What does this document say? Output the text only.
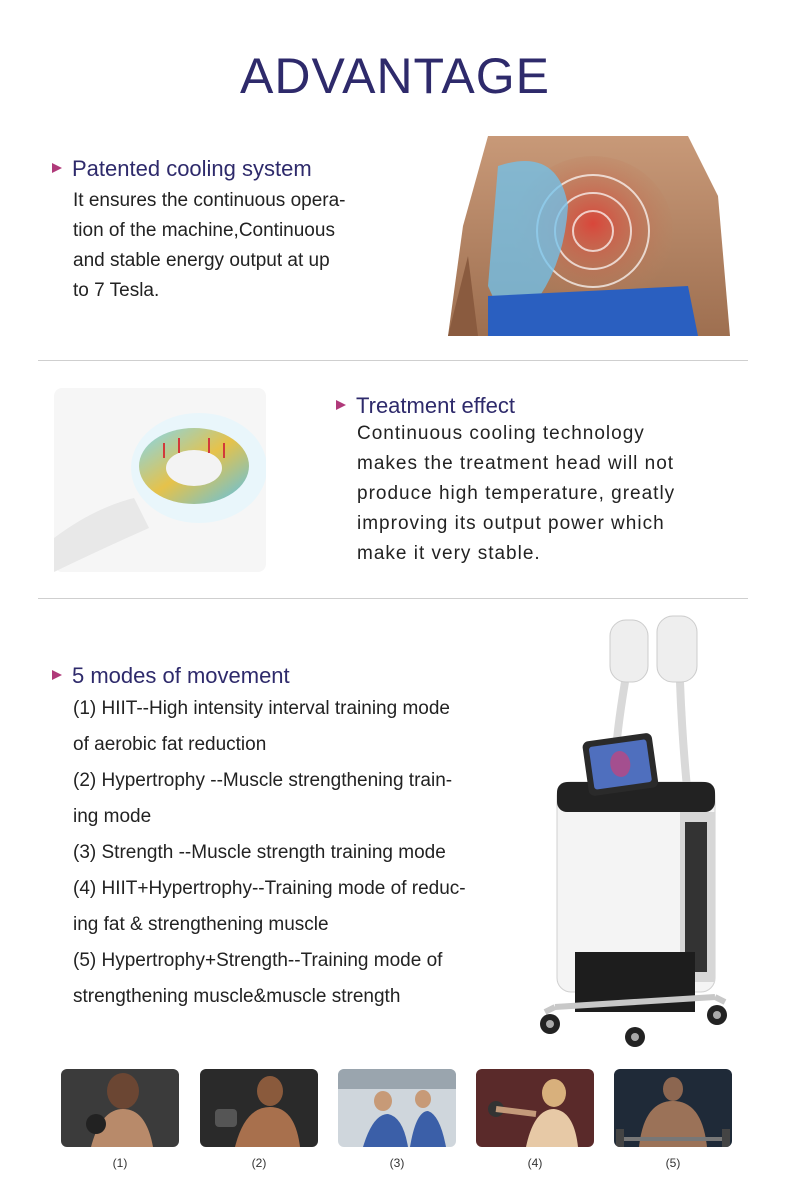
ADVANTAGE
Patented cooling system

It ensures the continuous opera-

tion of the machine,Continuous

and stable energy output at up

to 7 Tesla.

Treatment effect

Continuous cooling technology

makes the treatment head will not

produce high temperature, greatly

improving its output power which

make it very stable.

5 modes of movement

(1) HIIT--High intensity interval training mode

of aerobic fat reduction

(2) Hypertrophy --Muscle strengthening train-

ing mode

(3) Strength --Muscle strength training mode

(4) HIIT+Hypertrophy--Training mode of reduc-

ing fat & strengthening muscle

(5) Hypertrophy+Strength--Training mode of

strengthening muscle&muscle strength

(1)	(2)	(3)	(4)	(5)
